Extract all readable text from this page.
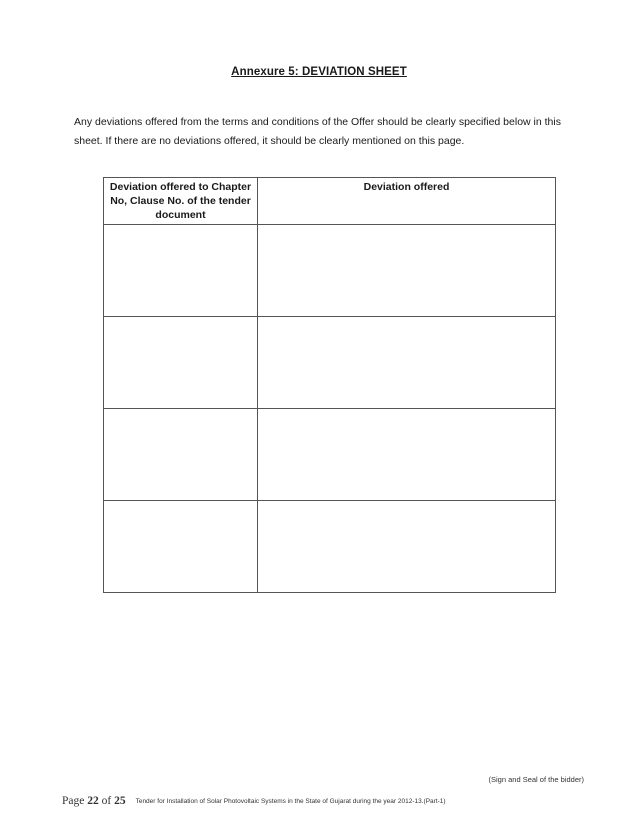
Annexure 5: DEVIATION SHEET

Any deviations offered from the terms and conditions of the Offer should be clearly specified below in this sheet. If there are no deviations offered, it should be clearly mentioned on this page.

Deviation offered to Chapter No, Clause No. of the tender document	Deviation offered

(Sign and Seal of the bidder)
Page 22 of 25 Tender for Installation of Solar Photovoltaic Systems in the State of Gujarat during the year 2012-13.(Part-1)
